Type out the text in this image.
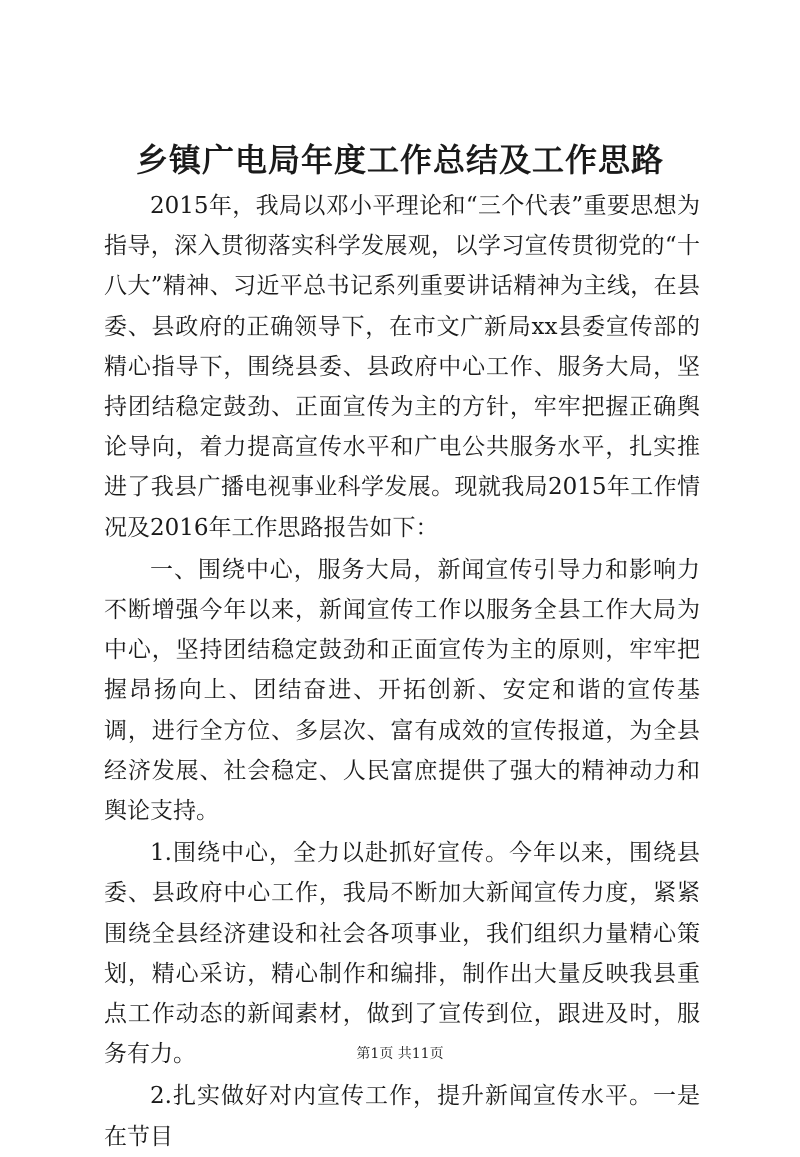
乡镇广电局年度工作总结及工作思路

2015年，我局以邓小平理论和“三个代表”重要思想为指导，深入贯彻落实科学发展观，以学习宣传贯彻党的“十八大”精神、习近平总书记系列重要讲话精神为主线，在县委、县政府的正确领导下，在市文广新局xx县委宣传部的精心指导下，围绕县委、县政府中心工作、服务大局，坚持团结稳定鼓劲、正面宣传为主的方针，牢牢把握正确舆论导向，着力提高宣传水平和广电公共服务水平，扎实推进了我县广播电视事业科学发展。现就我局2015年工作情况及2016年工作思路报告如下：

一、围绕中心，服务大局，新闻宣传引导力和影响力不断增强今年以来，新闻宣传工作以服务全县工作大局为中心，坚持团结稳定鼓劲和正面宣传为主的原则，牢牢把握昂扬向上、团结奋进、开拓创新、安定和谐的宣传基调，进行全方位、多层次、富有成效的宣传报道，为全县经济发展、社会稳定、人民富庶提供了强大的精神动力和舆论支持。

1.围绕中心，全力以赴抓好宣传。今年以来，围绕县委、县政府中心工作，我局不断加大新闻宣传力度，紧紧围绕全县经济建设和社会各项事业，我们组织力量精心策划，精心采访，精心制作和编排，制作出大量反映我县重点工作动态的新闻素材，做到了宣传到位，跟进及时，服务有力。

2.扎实做好对内宣传工作，提升新闻宣传水平。一是在节目

第1页 共11页
